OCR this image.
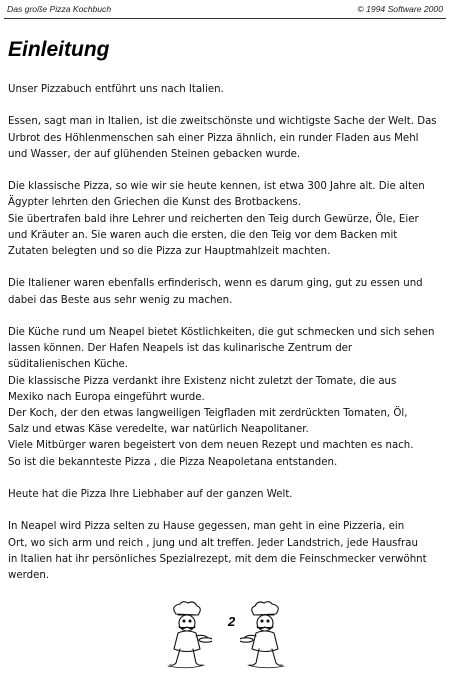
Das große Pizza Kochbuch	© 1994 Software 2000
Einleitung

Unser Pizzabuch entführt uns nach Italien.

Essen, sagt man in Italien, ist die zweitschönste und wichtigste Sache der Welt. Das
Urbrot des Höhlenmenschen sah einer Pizza ähnlich, ein runder Fladen aus Mehl
und Wasser, der auf glühenden Steinen gebacken wurde.

Die klassische Pizza, so wie wir sie heute kennen, ist etwa 300 Jahre alt. Die alten
Ägypter lehrten den Griechen die Kunst des Brotbackens.
Sie übertrafen bald ihre Lehrer und reicherten den Teig durch Gewürze, Öle, Eier
und Kräuter an. Sie waren auch die ersten, die den Teig vor dem Backen mit
Zutaten belegten und so die Pizza zur Hauptmahlzeit machten.

Die Italiener waren ebenfalls erfinderisch, wenn es darum ging, gut zu essen und
dabei das Beste aus sehr wenig zu machen.

Die Küche rund um Neapel bietet Köstlichkeiten, die gut schmecken und sich sehen
lassen können. Der Hafen Neapels ist das kulinarische Zentrum der
süditalienischen Küche.
Die klassische Pizza verdankt ihre Existenz nicht zuletzt der Tomate, die aus
Mexiko nach Europa eingeführt wurde.
Der Koch, der den etwas langweiligen Teigfladen mit zerdrückten Tomaten, Öl,
Salz und etwas Käse veredelte, war natürlich Neapolitaner.
Viele Mitbürger waren begeistert von dem neuen Rezept und machten es nach.
So ist die bekannteste Pizza , die Pizza Neapoletana entstanden.

Heute hat die Pizza Ihre Liebhaber auf der ganzen Welt.

In Neapel wird Pizza selten zu Hause gegessen, man geht in eine Pizzeria, ein
Ort, wo sich arm und reich , jung und alt treffen. Jeder Landstrich, jede Hausfrau
in Italien hat ihr persönliches Spezialrezept, mit dem die Feinschmecker verwöhnt
werden.

2
